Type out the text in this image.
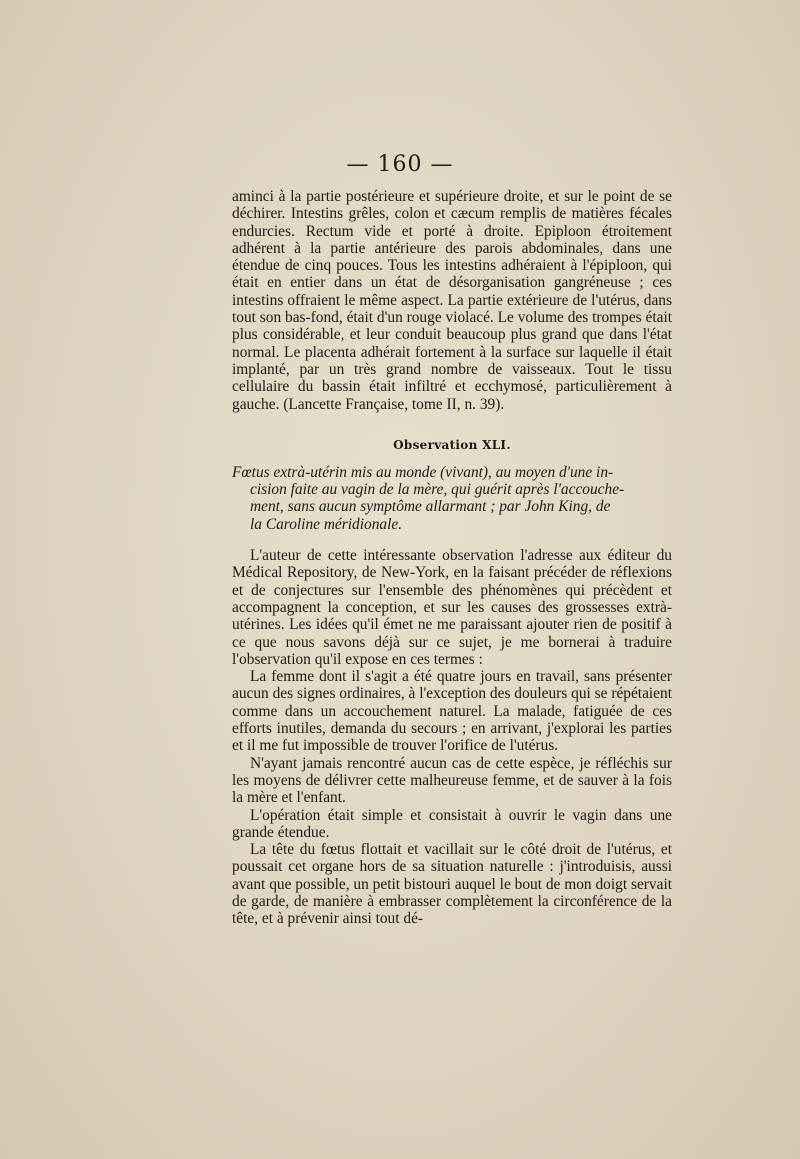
— 160 —

aminci à la partie postérieure et supérieure droite, et sur le point de se déchirer. Intestins grêles, colon et cæcum remplis de matières fécales endurcies. Rectum vide et porté à droite. Epiploon étroitement adhérent à la partie antérieure des parois abdominales, dans une étendue de cinq pouces. Tous les intestins adhéraient à l'épiploon, qui était en entier dans un état de désorganisation gangréneuse ; ces intestins offraient le même aspect. La partie extérieure de l'utérus, dans tout son bas-fond, était d'un rouge violacé. Le volume des trompes était plus considérable, et leur conduit beaucoup plus grand que dans l'état normal. Le placenta adhérait fortement à la surface sur laquelle il était implanté, par un très grand nombre de vaisseaux. Tout le tissu cellulaire du bassin était infiltré et ecchymosé, particulièrement à gauche. (Lancette Française, tome II, n. 39).

Observation XLI.
Fœtus extrà-utérin mis au monde (vivant), au moyen d'une in-
cision faite au vagin de la mère, qui guérit après l'accouche-
ment, sans aucun symptôme allarmant ; par John King, de
la Caroline méridionale.

L'auteur de cette intéressante observation l'adresse aux éditeur du Médical Repository, de New-York, en la faisant précéder de réflexions et de conjectures sur l'ensemble des phénomènes qui précèdent et accompagnent la conception, et sur les causes des grossesses extrà-utérines. Les idées qu'il émet ne me paraissant ajouter rien de positif à ce que nous savons déjà sur ce sujet, je me bornerai à traduire l'observation qu'il expose en ces termes :

La femme dont il s'agit a été quatre jours en travail, sans présenter aucun des signes ordinaires, à l'exception des douleurs qui se répétaient comme dans un accouchement naturel. La malade, fatiguée de ces efforts inutiles, demanda du secours ; en arrivant, j'explorai les parties et il me fut impossible de trouver l'orifice de l'utérus.

N'ayant jamais rencontré aucun cas de cette espèce, je réfléchis sur les moyens de délivrer cette malheureuse femme, et de sauver à la fois la mère et l'enfant.

L'opération était simple et consistait à ouvrir le vagin dans une grande étendue.

La tête du fœtus flottait et vacillait sur le côté droit de l'utérus, et poussait cet organe hors de sa situation naturelle : j'introduisis, aussi avant que possible, un petit bistouri auquel le bout de mon doigt servait de garde, de manière à embrasser complètement la circonférence de la tête, et à prévenir ainsi tout dé-
